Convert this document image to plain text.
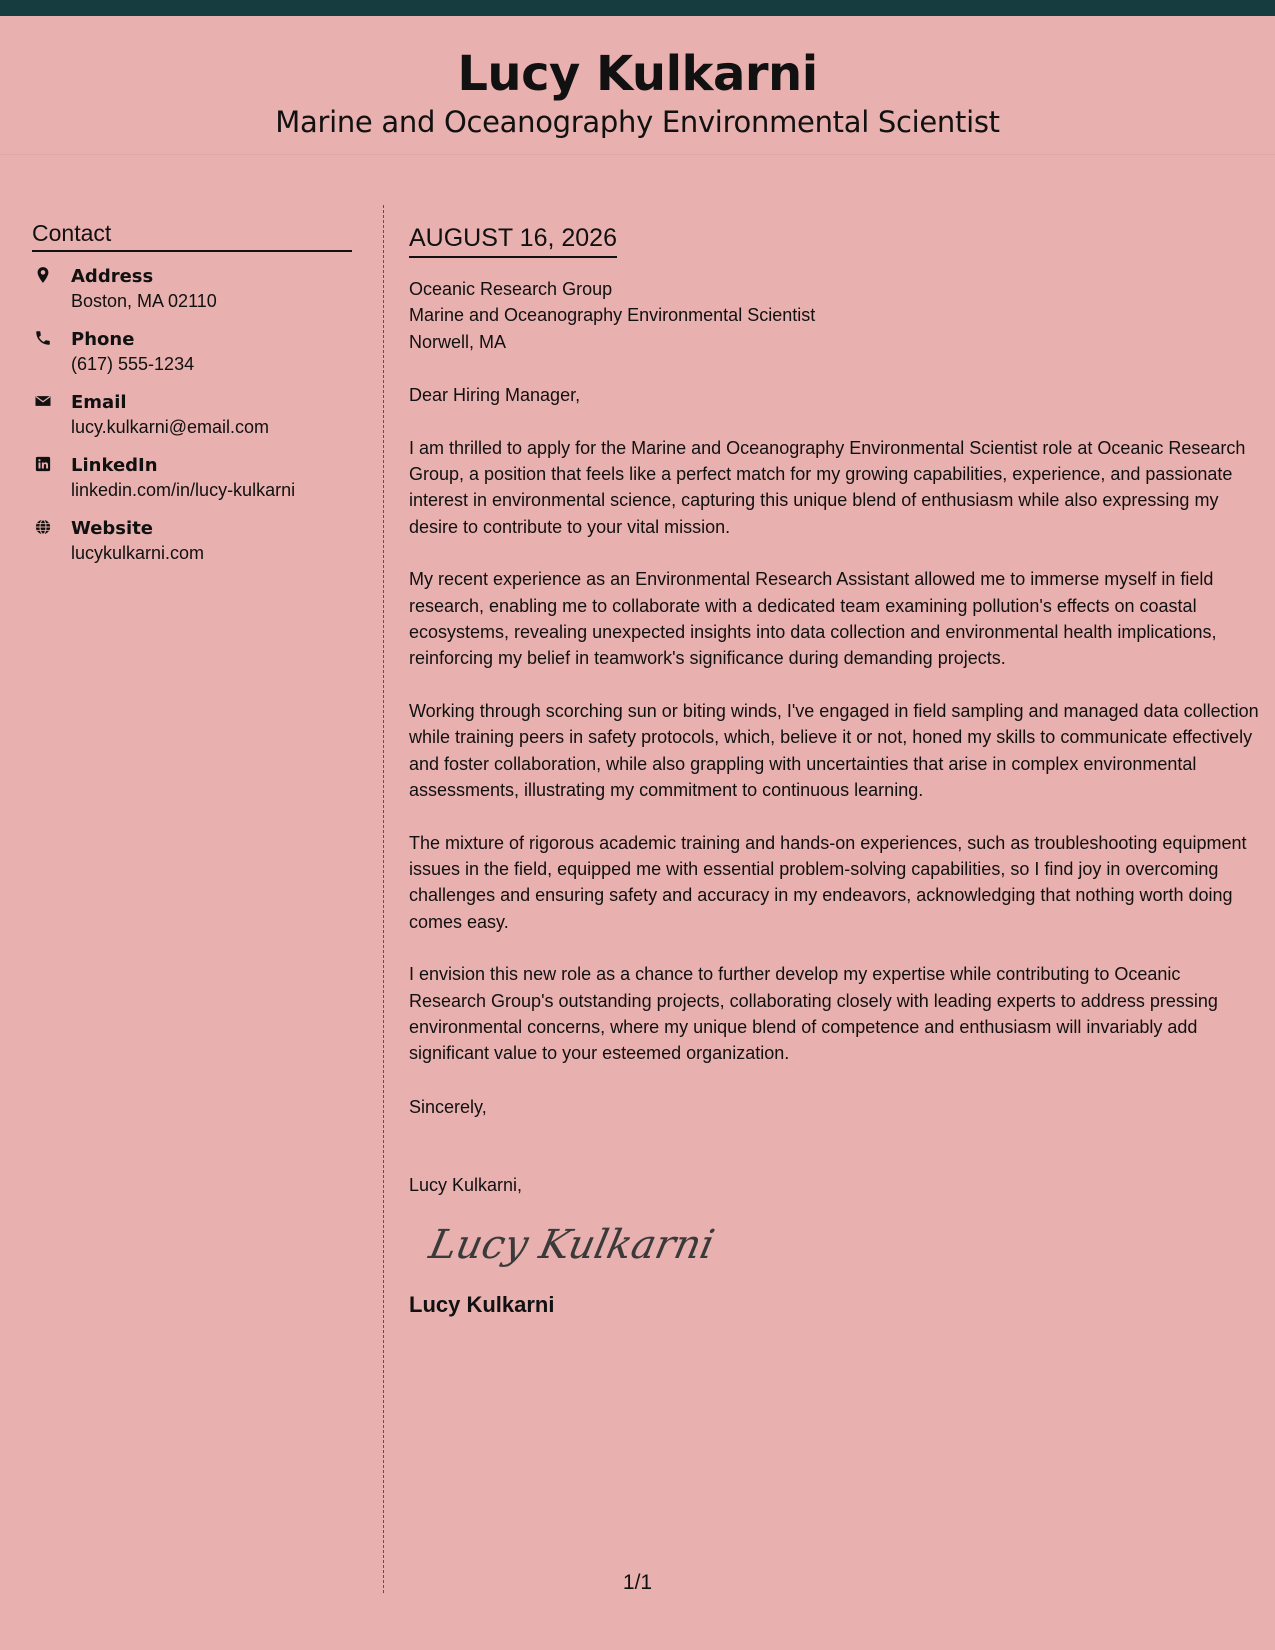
Lucy Kulkarni
Marine and Oceanography Environmental Scientist
Contact
Address
Boston, MA 02110
Phone
(617) 555-1234
Email
lucy.kulkarni@email.com
LinkedIn
linkedin.com/in/lucy-kulkarni
Website
lucykulkarni.com
AUGUST 16, 2026
Oceanic Research Group
Marine and Oceanography Environmental Scientist
Norwell, MA
Dear Hiring Manager,

I am thrilled to apply for the Marine and Oceanography Environmental Scientist role at Oceanic Research Group, a position that feels like a perfect match for my growing capabilities, experience, and passionate interest in environmental science, capturing this unique blend of enthusiasm while also expressing my desire to contribute to your vital mission.

My recent experience as an Environmental Research Assistant allowed me to immerse myself in field research, enabling me to collaborate with a dedicated team examining pollution's effects on coastal ecosystems, revealing unexpected insights into data collection and environmental health implications, reinforcing my belief in teamwork's significance during demanding projects.

Working through scorching sun or biting winds, I've engaged in field sampling and managed data collection while training peers in safety protocols, which, believe it or not, honed my skills to communicate effectively and foster collaboration, while also grappling with uncertainties that arise in complex environmental assessments, illustrating my commitment to continuous learning.

The mixture of rigorous academic training and hands-on experiences, such as troubleshooting equipment issues in the field, equipped me with essential problem-solving capabilities, so I find joy in overcoming challenges and ensuring safety and accuracy in my endeavors, acknowledging that nothing worth doing comes easy.

I envision this new role as a chance to further develop my expertise while contributing to Oceanic Research Group's outstanding projects, collaborating closely with leading experts to address pressing environmental concerns, where my unique blend of competence and enthusiasm will invariably add significant value to your esteemed organization.

Sincerely,
Lucy Kulkarni,
Lucy Kulkarni
Lucy Kulkarni
1/1
